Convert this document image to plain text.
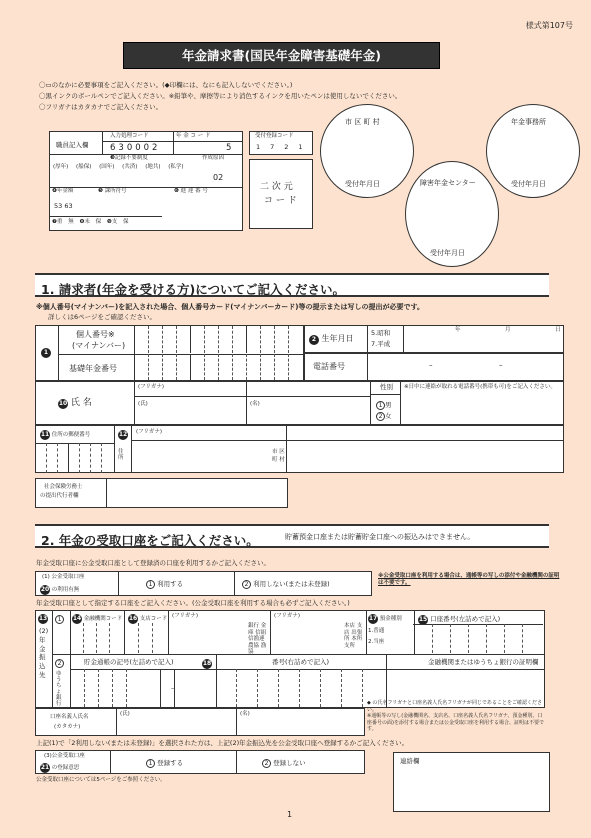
様式第107号
年金請求書(国民年金障害基礎年金)
〇▭のなかに必要事項をご記入ください。(◆印欄には、なにも記入しないでください。)
〇黒インクのボールペンでご記入ください。※鉛筆や、摩擦等により消色するインクを用いたペンは使用しないでください。
〇フリガナはカタカナでご記入ください。
入力処理コード	年 金 コ ー ド
職員記入欄	630002	5
❸記録不要制度	作成原因
(厚年) (船保) (国年) (共済) (地共) (私学)
02
❹年金額	❺ 課所符号	❻ 進 達 番 号
53 63
❼重 無 ❽未 保 ❾支 保
二 次 元
コ ー ド
受付登録コード
1721
市 区 町 村
受付年月日
年金事務所
受付年月日
障害年金センター
受付年月日
1. 請求者(年金を受ける方)についてご記入ください。
※個人番号(マイナンバー)を記入された場合、個人番号カード(マイナンバーカード)等の提示または写しの提出が必要です。
詳しくは6ページをご確認ください。
1
個人番号※
(マイナンバー)
基礎年金番号
2 生年月日
5.昭和
7.平成
年	月	日
電話番号	–	–
10 氏 名
(フリガナ)
(氏)	(名)
性別
1 男
2 女
※日中に連絡が取れる電話番号(携帯も可)をご記入ください。
11 住所の郵便番号	12
住所
(フリガナ)
市 区
町 村
社会保険労務士
の提出代行者欄
2. 年金の受取口座をご記入ください。	貯蓄預金口座または貯蓄貯金口座への振込みはできません。
年金受取口座に公金受取口座として登録済の口座を利用するかご記入ください。
(1) 公金受取口座
20 の利用有無
1 利用する	2 利用しない(または未登録)
※公金受取口座を利用する場合は、通帳等の写しの添付や金融機関の証明は不要です。
年金受取口座として指定する口座をご記入ください。(公金受取口座を利用する場合も必ずご記入ください。)
13
(2) 年金振込先
1	14 金融機関コード 16 支店コード (フリガナ)	(フリガナ)
銀行 金庫 信組 信漁連 農協 漁協
本店 支店 出張所 本所 支所
17 預金種別
1.普通
2.当座
15 口座番号(左詰めで記入)
2
ゆうちょ銀行
貯金通帳の記号(左詰めで記入)	18	番号(右詰めで記入)	金融機関またはゆうちょ銀行の証明欄
–
口座名義人氏名
(カタカナ)
(氏)	(名)
◆ の氏名フリガナと口座名義人氏名フリガナが同じであることをご確認ください。
※通帳等の写し(金融機関名、支店名、口座名義人氏名フリガナ、預金種別、口座番号の面)を添付する場合または公金受取口座を利用する場合、証明は不要です。
上記(1)で「2利用しない(または未登録)」を選択された方は、上記(2)年金振込先を公金受取口座へ登録するかご記入ください。
(3)公金受取口座
21 の登録意思
1 登録する	2 登録しない
公金受取口座については5ページをご参照ください。
連絡欄
1
